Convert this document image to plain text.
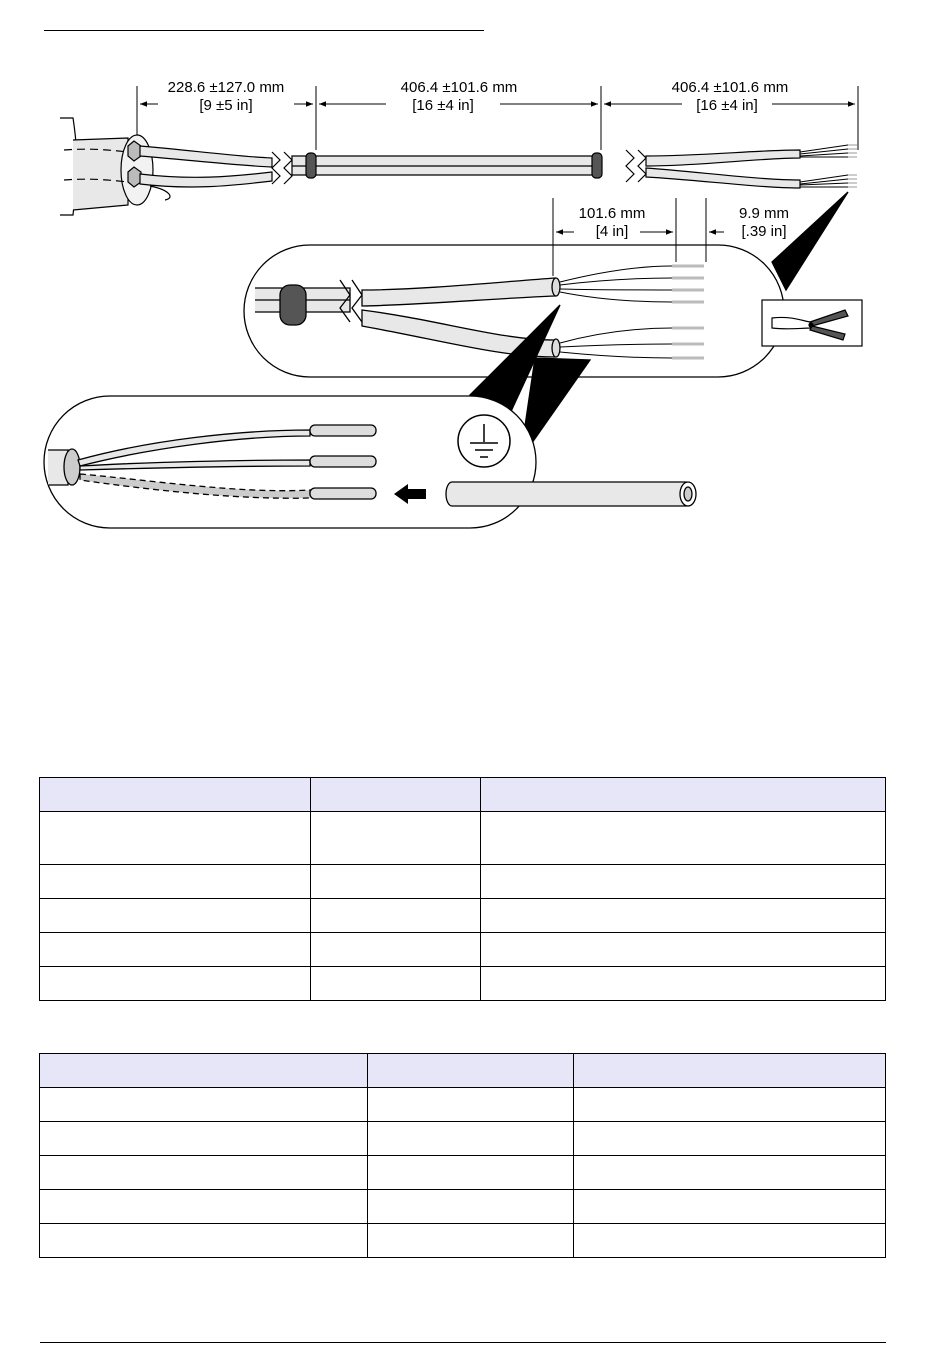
228.6 ±127.0 mm
[9 ±5 in]
406.4 ±101.6 mm
[16 ±4 in]
406.4 ±101.6 mm
[16 ±4 in]
101.6 mm
[4 in]
9.9 mm
[.39 in]
